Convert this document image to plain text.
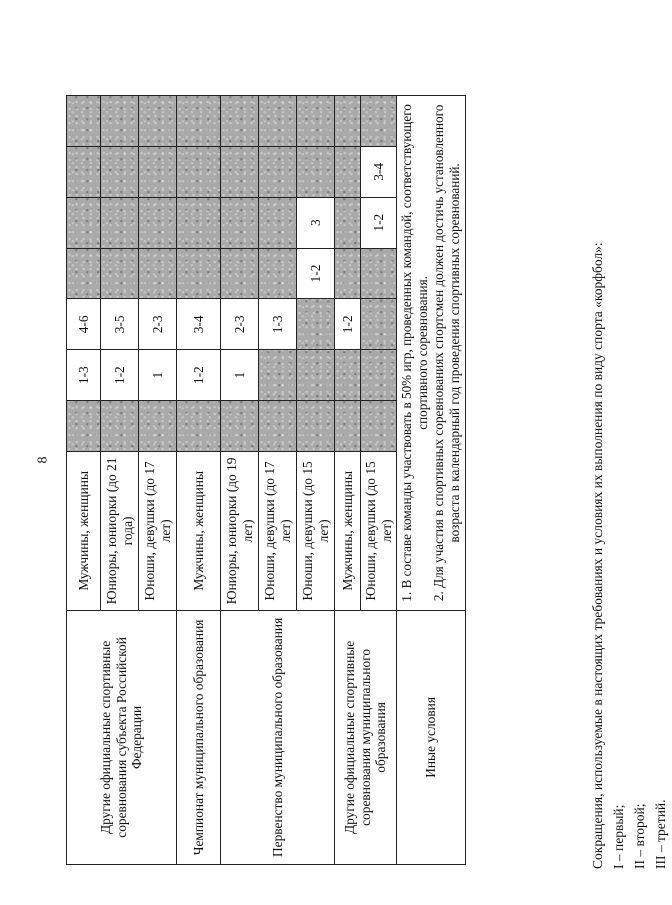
8
Другие официальные спортивные соревнования субъекта Российской Федерации	Мужчины, женщины		1-3	4-6				
	Юниоры, юниорки (до 21 года)		1-2	3-5				
	Юноши, девушки (до 17 лет)		1	2-3				
Чемпионат муниципального образования	Мужчины, женщины		1-2	3-4				
Первенство муниципального образования	Юниоры, юниорки (до 19 лет)		1	2-3				
	Юноши, девушки (до 17 лет)			1-3				
	Юноши, девушки (до 15 лет)				1-2	3		
Другие официальные спортивные соревнования муниципального образования	Мужчины, женщины			1-2				
	Юноши, девушки (до 15 лет)					1-2	3-4	
Иные условия	1. В составе команды участвовать в 50% игр, проведенных командой, соответствующего спортивного соревнования. 2. Для участия в спортивных соревнованиях спортсмен должен достичь установленного возраста в календарный год проведения спортивных соревнований.								Сокращения, используемые в настоящих требованиях и условиях их выполнения по виду спорта «корфбол»: I – первый; II – второй; III – третий.
